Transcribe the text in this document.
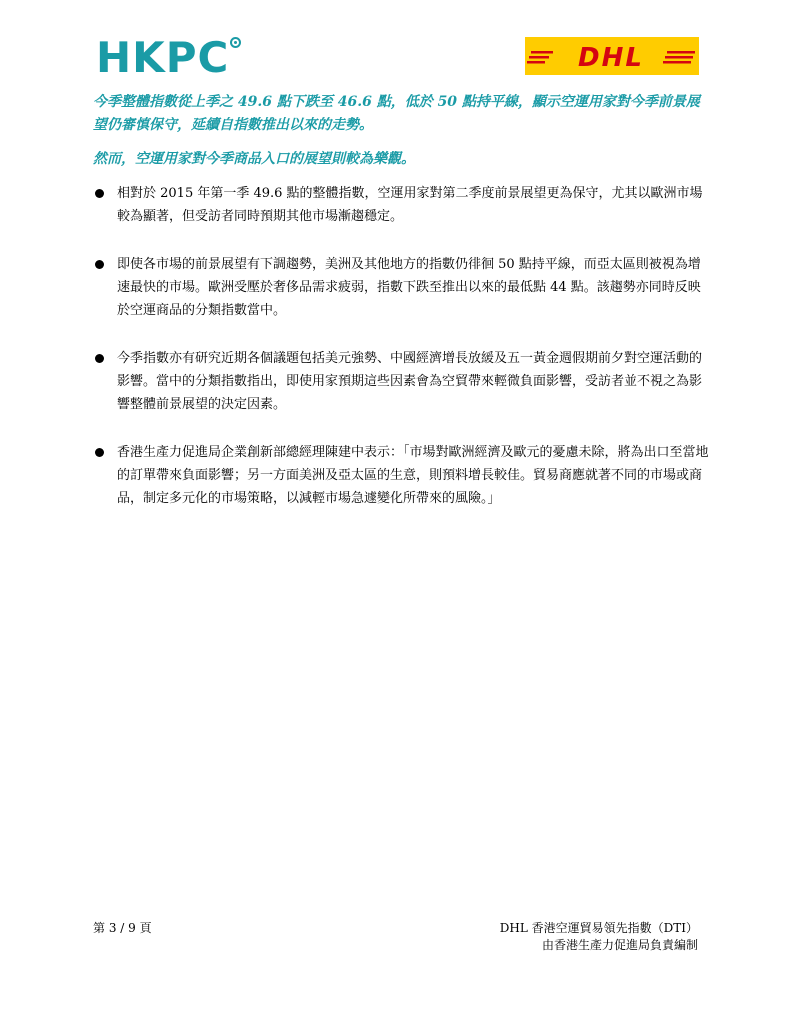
HKPC	DHL

今季整體指數從上季之 49.6 點下跌至 46.6 點，低於 50 點持平線，顯示空運用家對今季前景展望仍審慎保守，延續自指數推出以來的走勢。

然而，空運用家對今季商品入口的展望則較為樂觀。

相對於 2015 年第一季 49.6 點的整體指數，空運用家對第二季度前景展望更為保守，尤其以歐洲市場較為顯著，但受訪者同時預期其他市場漸趨穩定。
即使各市場的前景展望有下調趨勢，美洲及其他地方的指數仍徘徊 50 點持平線，而亞太區則被視為增速最快的市場。歐洲受壓於奢侈品需求疲弱，指數下跌至推出以來的最低點 44 點。該趨勢亦同時反映於空運商品的分類指數當中。
今季指數亦有研究近期各個議題包括美元強勢、中國經濟增長放緩及五一黃金週假期前夕對空運活動的影響。當中的分類指數指出，即使用家預期這些因素會為空貿帶來輕微負面影響，受訪者並不視之為影響整體前景展望的決定因素。
香港生產力促進局企業創新部總經理陳建中表示：「市場對歐洲經濟及歐元的憂慮未除，將為出口至當地的訂單帶來負面影響；另一方面美洲及亞太區的生意，則預料增長較佳。貿易商應就著不同的市場或商品，制定多元化的市場策略，以減輕市場急遽變化所帶來的風險。」
第 3 / 9 頁	DHL 香港空運貿易領先指數（DTI）
由香港生產力促進局負責編制
